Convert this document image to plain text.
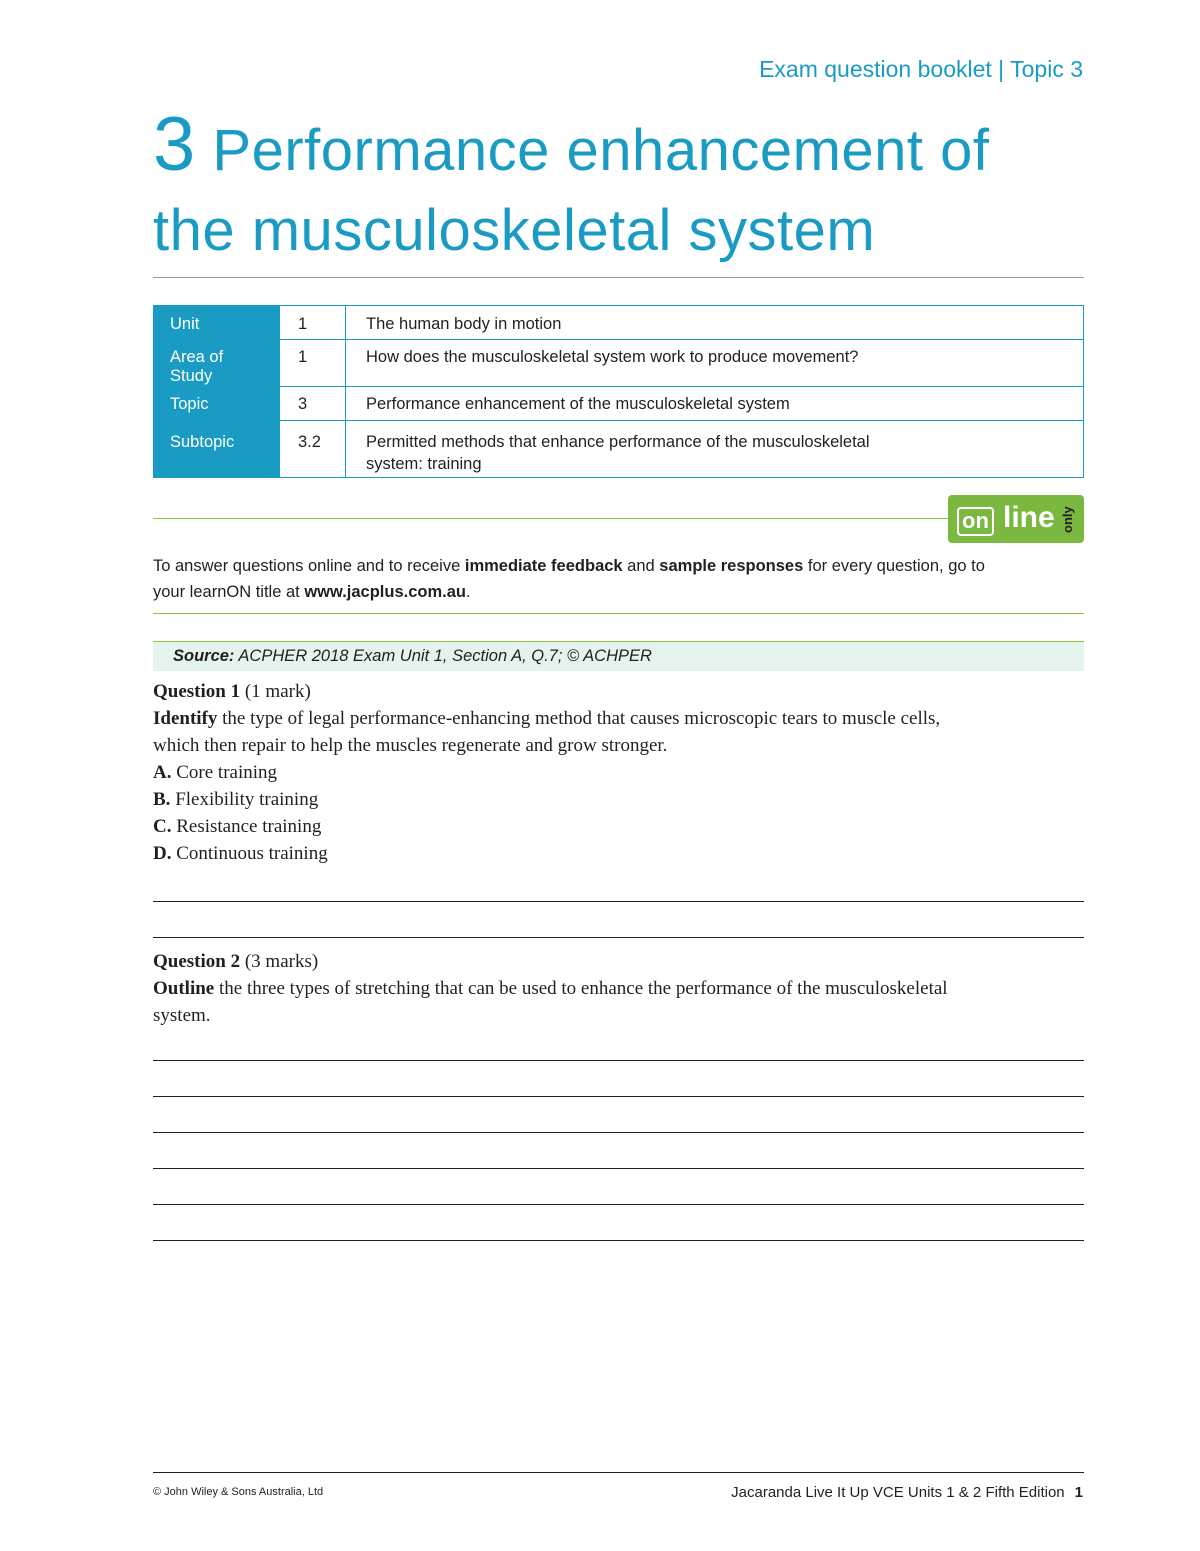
Exam question booklet | Topic 3
3 Performance enhancement of
the musculoskeletal system
Unit	1	The human body in motion
Area of Study	1	How does the musculoskeletal system work to produce movement?
Topic	3	Performance enhancement of the musculoskeletal system
Subtopic	3.2	Permitted methods that enhance performance of the musculoskeletal
system: training
on line only
To answer questions online and to receive immediate feedback and sample responses for every question, go to
your learnON title at www.jacplus.com.au.
Source: ACPHER 2018 Exam Unit 1, Section A, Q.7; © ACHPER
Question 1 (1 mark)
Identify the type of legal performance-enhancing method that causes microscopic tears to muscle cells,
which then repair to help the muscles regenerate and grow stronger.
A. Core training
B. Flexibility training
C. Resistance training
D. Continuous training
Question 2 (3 marks)
Outline the three types of stretching that can be used to enhance the performance of the musculoskeletal
system.
© John Wiley & Sons Australia, Ltd	Jacaranda Live It Up VCE Units 1 & 2 Fifth Edition 1
